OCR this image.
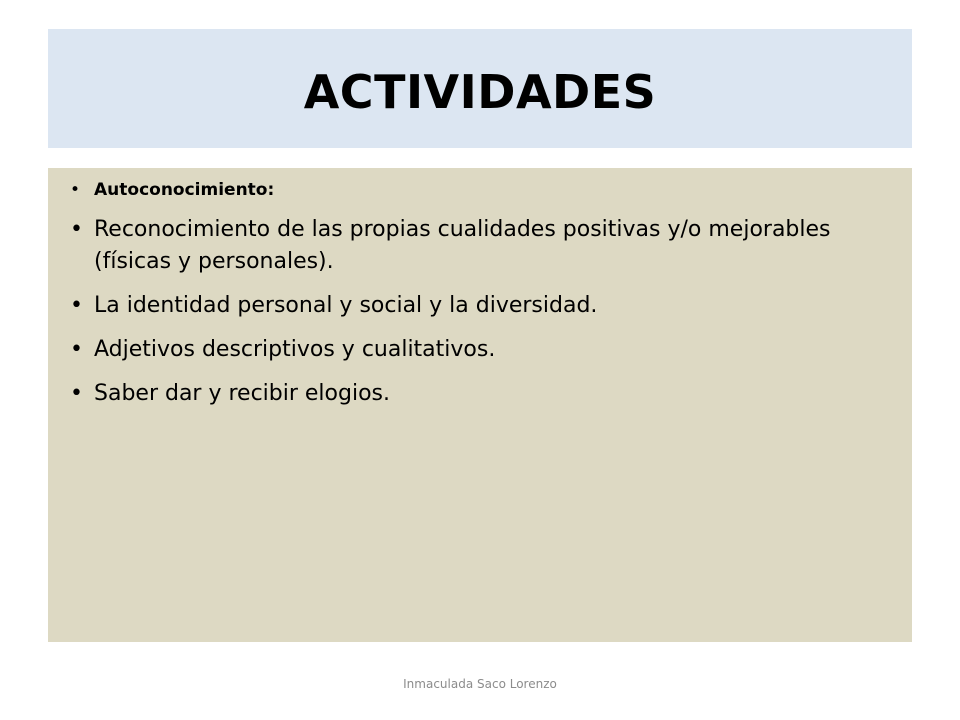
ACTIVIDADES
• Autoconocimiento:
• Reconocimiento de las propias cualidades positivas y/o mejorables (físicas y personales).
• La identidad personal y social y la diversidad.
• Adjetivos descriptivos y cualitativos.
• Saber dar y recibir elogios.
Inmaculada Saco Lorenzo
